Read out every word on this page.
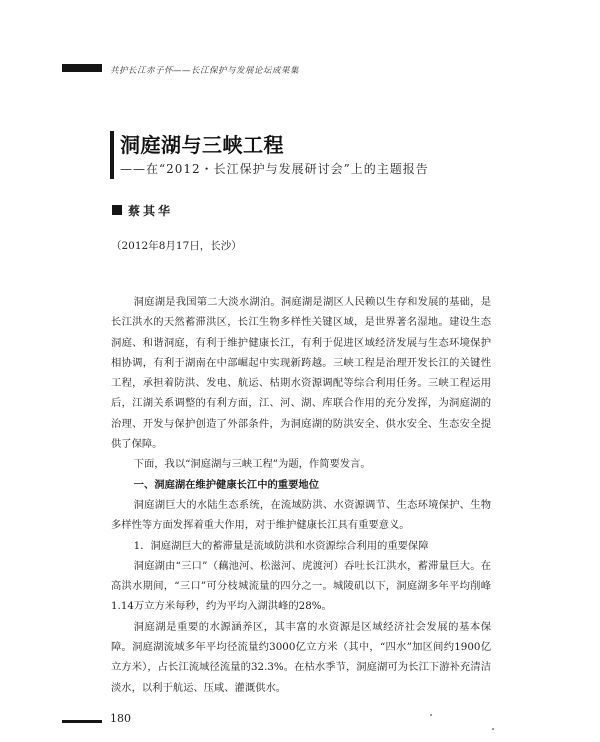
共护长江赤子怀——长江保护与发展论坛成果集
洞庭湖与三峡工程
——在“2012・长江保护与发展研讨会”上的主题报告
蔡其华
（2012年8月17日，长沙）

洞庭湖是我国第二大淡水湖泊。洞庭湖是湖区人民赖以生存和发展的基础，是长江洪水的天然蓄滞洪区，长江生物多样性关键区域，是世界著名湿地。建设生态洞庭、和谐洞庭，有利于维护健康长江，有利于促进区域经济发展与生态环境保护相协调，有利于湖南在中部崛起中实现新跨越。三峡工程是治理开发长江的关键性工程，承担着防洪、发电、航运、枯期水资源调配等综合利用任务。三峡工程运用后，江湖关系调整的有利方面，江、河、湖、库联合作用的充分发挥，为洞庭湖的治理、开发与保护创造了外部条件，为洞庭湖的防洪安全、供水安全、生态安全提供了保障。

下面，我以“洞庭湖与三峡工程”为题，作简要发言。

一、洞庭湖在维护健康长江中的重要地位

洞庭湖巨大的水陆生态系统，在流域防洪、水资源调节、生态环境保护、生物多样性等方面发挥着重大作用，对于维护健康长江具有重要意义。

1．洞庭湖巨大的蓄滞量是流域防洪和水资源综合利用的重要保障

洞庭湖由“三口”（藕池河、松滋河、虎渡河）吞吐长江洪水，蓄滞量巨大。在高洪水期间，“三口”可分枝城流量的四分之一。城陵矶以下，洞庭湖多年平均削峰1.14万立方米每秒，约为平均入湖洪峰的28%。

洞庭湖是重要的水源涵养区，其丰富的水资源是区域经济社会发展的基本保障。洞庭湖流域多年平均径流量约3000亿立方米（其中，“四水”加区间约1900亿立方米），占长江流域径流量的32.3%。在枯水季节，洞庭湖可为长江下游补充清洁淡水，以利于航运、压咸、灌溉供水。

180
